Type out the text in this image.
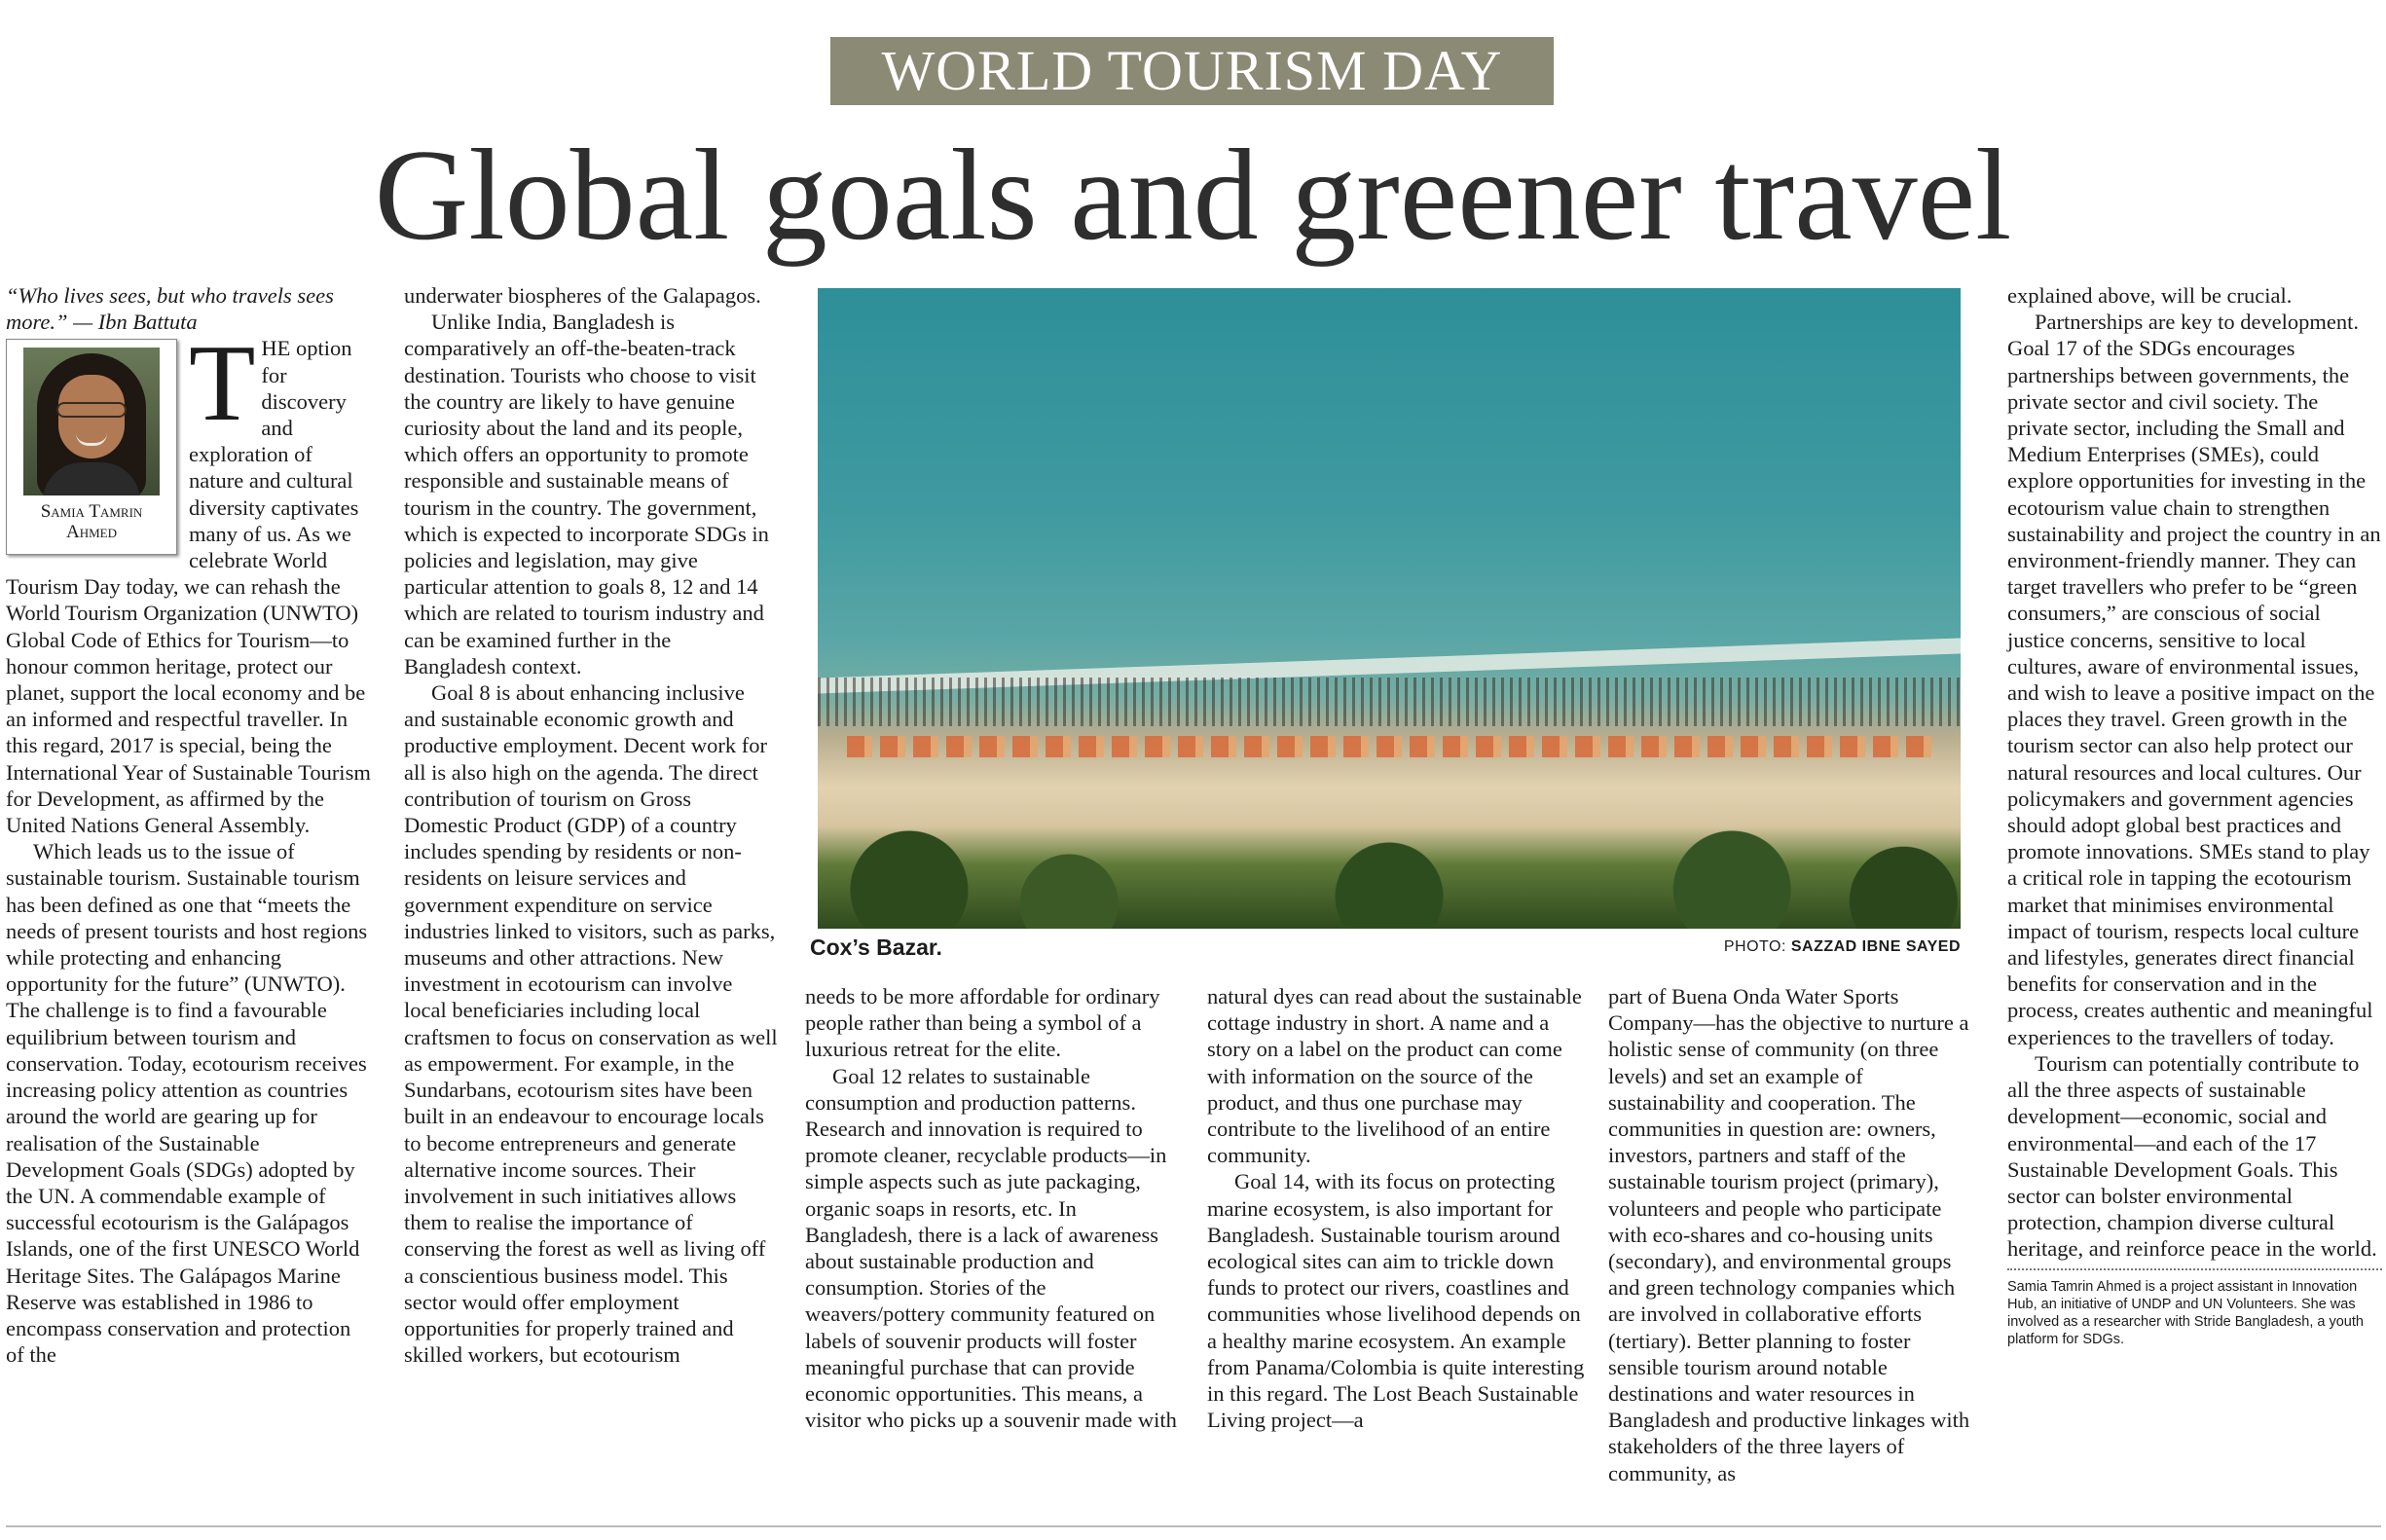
WORLD TOURISM DAY
Global goals and greener travel

“Who lives sees, but who travels sees more.” — Ibn Battuta

Samia Tamrin Ahmed

THE option for discovery and exploration of nature and cultural diversity captivates many of us. As we celebrate World Tourism Day today, we can rehash the World Tourism Organization (UNWTO) Global Code of Ethics for Tourism—to honour common heritage, protect our planet, support the local economy and be an informed and respectful traveller. In this regard, 2017 is special, being the International Year of Sustainable Tourism for Development, as affirmed by the United Nations General Assembly.

Which leads us to the issue of sustainable tourism. Sustainable tourism has been defined as one that “meets the needs of present tourists and host regions while protecting and enhancing opportunity for the future” (UNWTO). The challenge is to find a favourable equilibrium between tourism and conservation. Today, ecotourism receives increasing policy attention as countries around the world are gearing up for realisation of the Sustainable Development Goals (SDGs) adopted by the UN. A commendable example of successful ecotourism is the Galápagos Islands, one of the first UNESCO World Heritage Sites. The Galápagos Marine Reserve was established in 1986 to encompass conservation and protection of the

underwater biospheres of the Galapagos.

Unlike India, Bangladesh is comparatively an off-the-beaten-track destination. Tourists who choose to visit the country are likely to have genuine curiosity about the land and its people, which offers an opportunity to promote responsible and sustainable means of tourism in the country. The government, which is expected to incorporate SDGs in policies and legislation, may give particular attention to goals 8, 12 and 14 which are related to tourism industry and can be examined further in the Bangladesh context.

Goal 8 is about enhancing inclusive and sustainable economic growth and productive employment. Decent work for all is also high on the agenda. The direct contribution of tourism on Gross Domestic Product (GDP) of a country includes spending by residents or non-residents on leisure services and government expenditure on service industries linked to visitors, such as parks, museums and other attractions. New investment in ecotourism can involve local beneficiaries including local craftsmen to focus on conservation as well as empowerment. For example, in the Sundarbans, ecotourism sites have been built in an endeavour to encourage locals to become entrepreneurs and generate alternative income sources. Their involvement in such initiatives allows them to realise the importance of conserving the forest as well as living off a conscientious business model. This sector would offer employment opportunities for properly trained and skilled workers, but ecotourism

Cox’s Bazar.	PHOTO: SAZZAD IBNE SAYED

needs to be more affordable for ordinary people rather than being a symbol of a luxurious retreat for the elite.

Goal 12 relates to sustainable consumption and production patterns. Research and innovation is required to promote cleaner, recyclable products—in simple aspects such as jute packaging, organic soaps in resorts, etc. In Bangladesh, there is a lack of awareness about sustainable production and consumption. Stories of the weavers/pottery community featured on labels of souvenir products will foster meaningful purchase that can provide economic opportunities. This means, a visitor who picks up a souvenir made with

natural dyes can read about the sustainable cottage industry in short. A name and a story on a label on the product can come with information on the source of the product, and thus one purchase may contribute to the livelihood of an entire community.

Goal 14, with its focus on protecting marine ecosystem, is also important for Bangladesh. Sustainable tourism around ecological sites can aim to trickle down funds to protect our rivers, coastlines and communities whose livelihood depends on a healthy marine ecosystem. An example from Panama/Colombia is quite interesting in this regard. The Lost Beach Sustainable Living project—a

part of Buena Onda Water Sports Company—has the objective to nurture a holistic sense of community (on three levels) and set an example of sustainability and cooperation. The communities in question are: owners, investors, partners and staff of the sustainable tourism project (primary), volunteers and people who participate with eco-shares and co-housing units (secondary), and environmental groups and green technology companies which are involved in collaborative efforts (tertiary). Better planning to foster sensible tourism around notable destinations and water resources in Bangladesh and productive linkages with stakeholders of the three layers of community, as

explained above, will be crucial.

Partnerships are key to development. Goal 17 of the SDGs encourages partnerships between governments, the private sector and civil society. The private sector, including the Small and Medium Enterprises (SMEs), could explore opportunities for investing in the ecotourism value chain to strengthen sustainability and project the country in an environment-friendly manner. They can target travellers who prefer to be “green consumers,” are conscious of social justice concerns, sensitive to local cultures, aware of environmental issues, and wish to leave a positive impact on the places they travel. Green growth in the tourism sector can also help protect our natural resources and local cultures. Our policymakers and government agencies should adopt global best practices and promote innovations. SMEs stand to play a critical role in tapping the ecotourism market that minimises environmental impact of tourism, respects local culture and lifestyles, generates direct financial benefits for conservation and in the process, creates authentic and meaningful experiences to the travellers of today.

Tourism can potentially contribute to all the three aspects of sustainable development—economic, social and environmental—and each of the 17 Sustainable Development Goals. This sector can bolster environmental protection, champion diverse cultural heritage, and reinforce peace in the world.

Samia Tamrin Ahmed is a project assistant in Innovation Hub, an initiative of UNDP and UN Volunteers. She was involved as a researcher with Stride Bangladesh, a youth platform for SDGs.
